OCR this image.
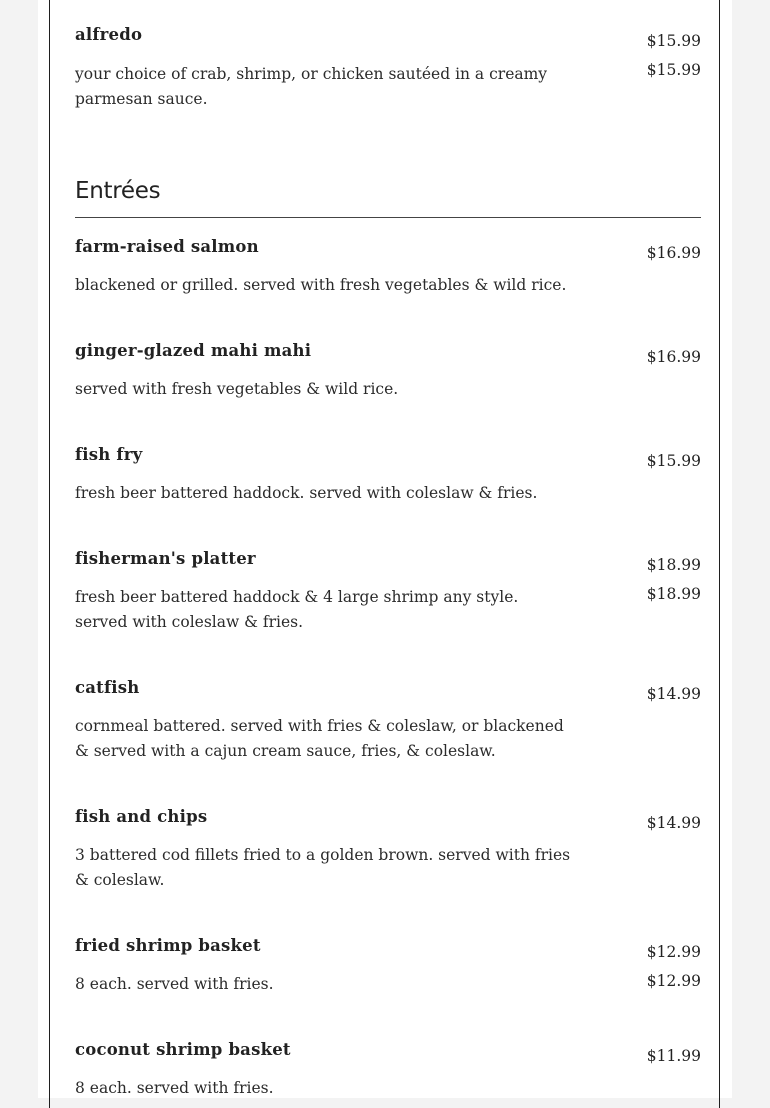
alfredo
your choice of crab, shrimp, or chicken sautéed in a creamy parmesan sauce.
$15.99
$15.99
Entrées
farm-raised salmon
blackened or grilled. served with fresh vegetables & wild rice.
$16.99
ginger-glazed mahi mahi
served with fresh vegetables & wild rice.
$16.99
fish fry
fresh beer battered haddock. served with coleslaw & fries.
$15.99
fisherman's platter
fresh beer battered haddock & 4 large shrimp any style. served with coleslaw & fries.
$18.99
$18.99
catfish
cornmeal battered. served with fries & coleslaw, or blackened & served with a cajun cream sauce, fries, & coleslaw.
$14.99
fish and chips
3 battered cod fillets fried to a golden brown. served with fries & coleslaw.
$14.99
fried shrimp basket
8 each. served with fries.
$12.99
$12.99
coconut shrimp basket
8 each. served with fries.
$11.99
